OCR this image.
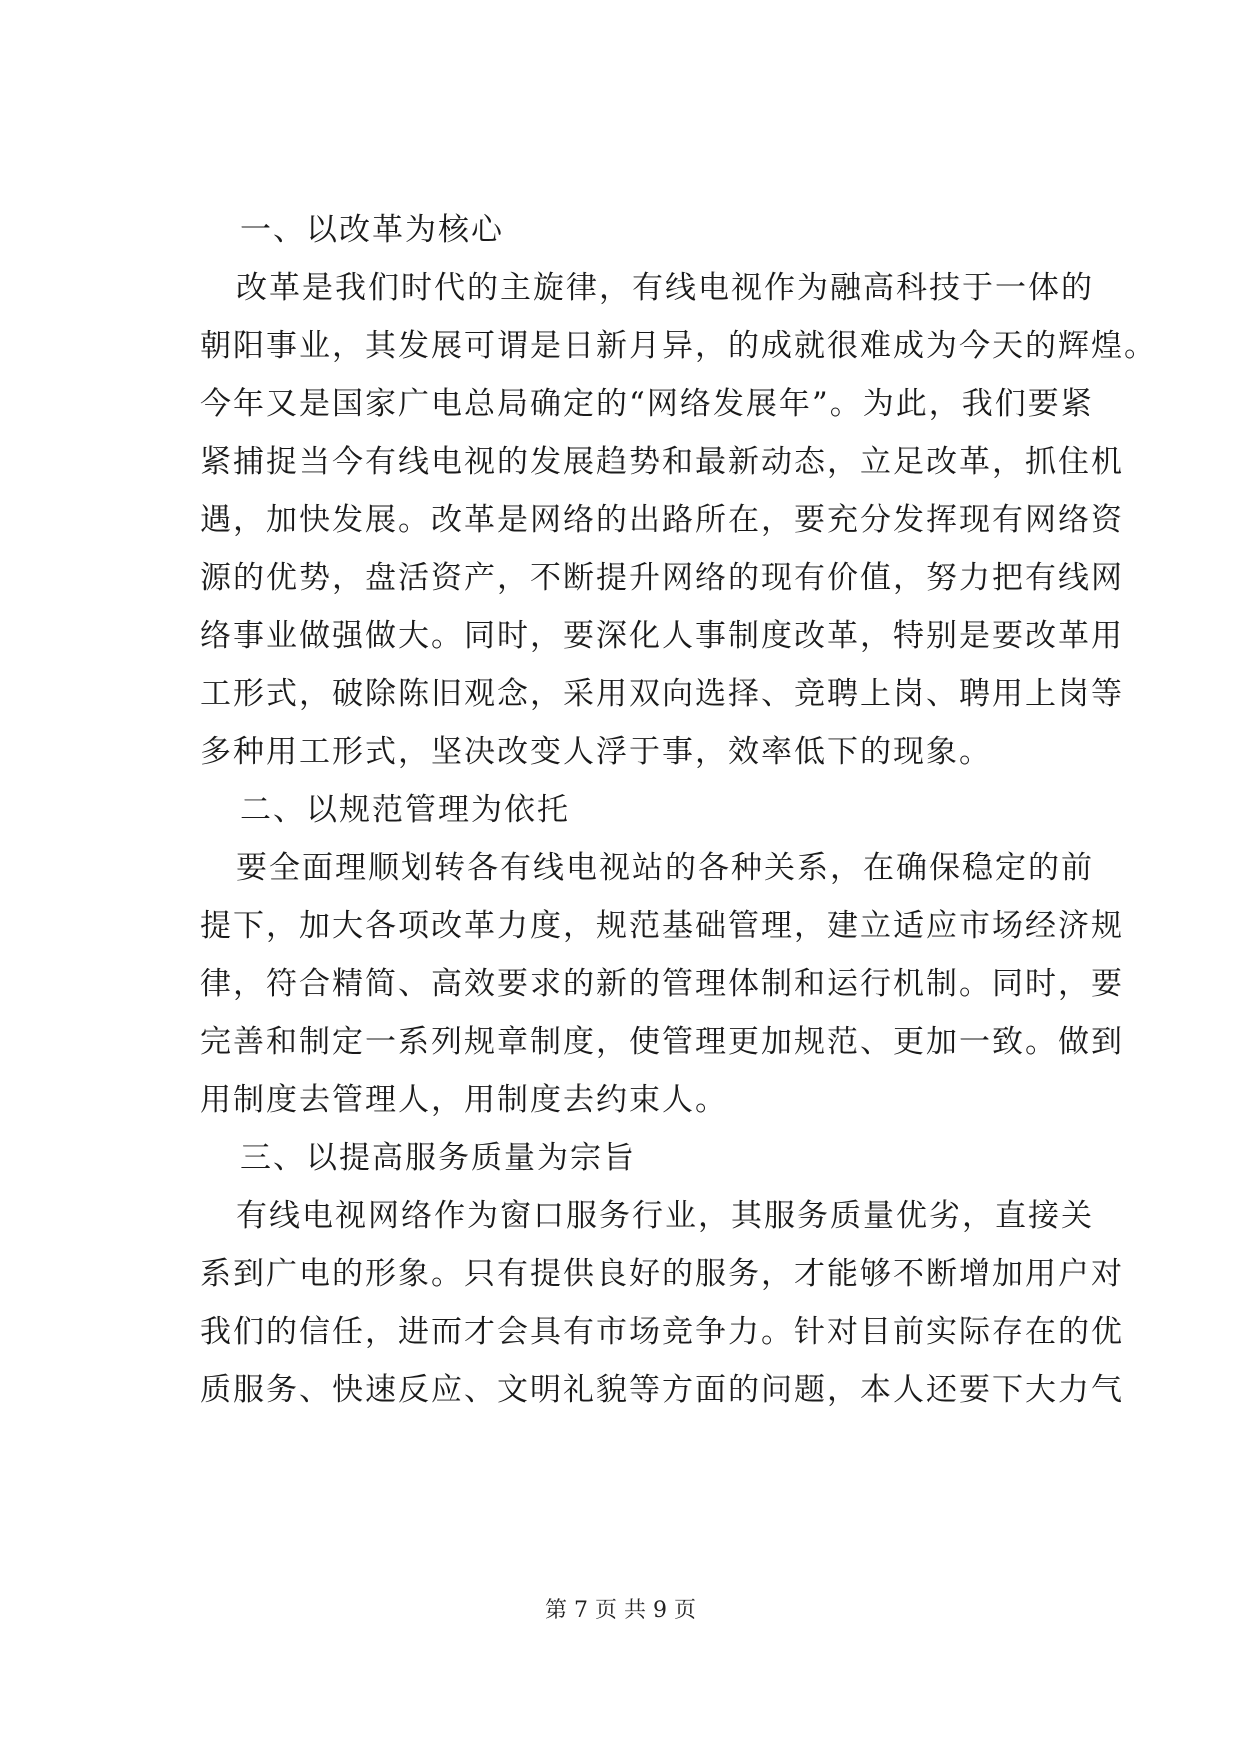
一、以改革为核心
改革是我们时代的主旋律，有线电视作为融高科技于一体的
朝阳事业，其发展可谓是日新月异，的成就很难成为今天的辉煌。
今年又是国家广电总局确定的“网络发展年”。为此，我们要紧
紧捕捉当今有线电视的发展趋势和最新动态，立足改革，抓住机
遇，加快发展。改革是网络的出路所在，要充分发挥现有网络资
源的优势，盘活资产，不断提升网络的现有价值，努力把有线网
络事业做强做大。同时，要深化人事制度改革，特别是要改革用
工形式，破除陈旧观念，采用双向选择、竞聘上岗、聘用上岗等
多种用工形式，坚决改变人浮于事，效率低下的现象。
二、以规范管理为依托
要全面理顺划转各有线电视站的各种关系，在确保稳定的前
提下，加大各项改革力度，规范基础管理，建立适应市场经济规
律，符合精简、高效要求的新的管理体制和运行机制。同时，要
完善和制定一系列规章制度，使管理更加规范、更加一致。做到
用制度去管理人，用制度去约束人。
三、以提高服务质量为宗旨
有线电视网络作为窗口服务行业，其服务质量优劣，直接关
系到广电的形象。只有提供良好的服务，才能够不断增加用户对
我们的信任，进而才会具有市场竞争力。针对目前实际存在的优
质服务、快速反应、文明礼貌等方面的问题，本人还要下大力气
第 7 页 共 9 页
